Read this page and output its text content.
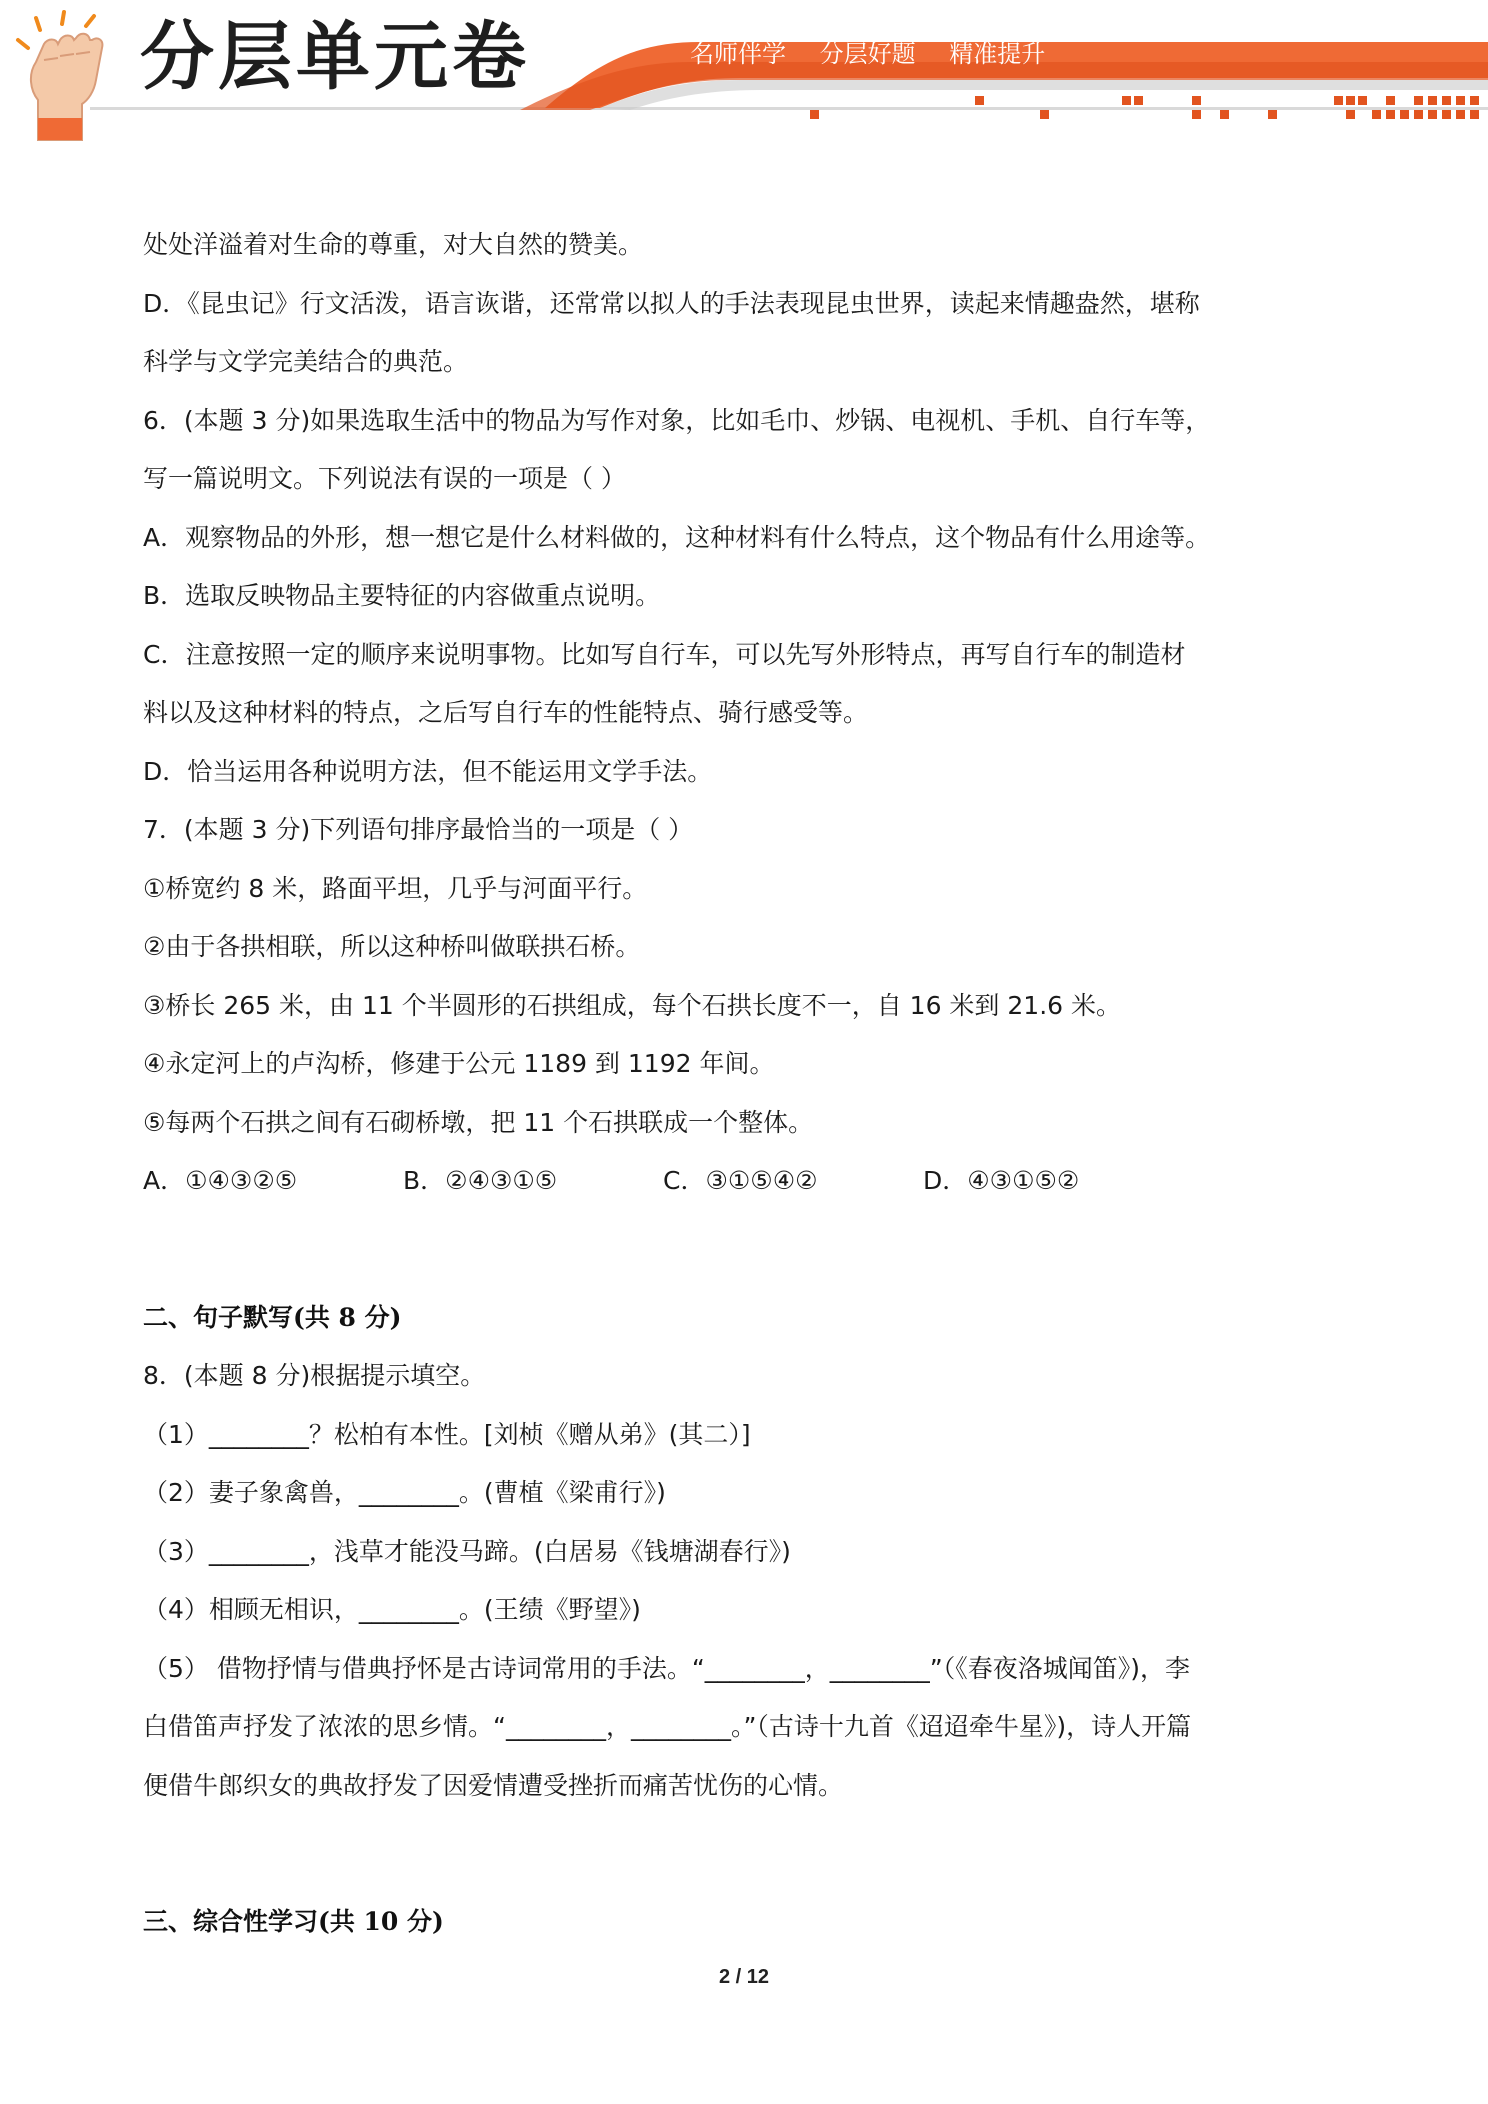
分层单元卷	名师伴学 分层好题 精准提升
处处洋溢着对生命的尊重，对大自然的赞美。
D．《昆虫记》行文活泼，语言诙谐，还常常以拟人的手法表现昆虫世界，读起来情趣盎然，堪称
科学与文学完美结合的典范。
6．(本题 3 分)如果选取生活中的物品为写作对象，比如毛巾、炒锅、电视机、手机、自行车等，
写一篇说明文。下列说法有误的一项是（ ）
A．观察物品的外形，想一想它是什么材料做的，这种材料有什么特点，这个物品有什么用途等。
B．选取反映物品主要特征的内容做重点说明。
C．注意按照一定的顺序来说明事物。比如写自行车，可以先写外形特点，再写自行车的制造材
料以及这种材料的特点，之后写自行车的性能特点、骑行感受等。
D．恰当运用各种说明方法，但不能运用文学手法。
7．(本题 3 分)下列语句排序最恰当的一项是（ ）
①桥宽约 8 米，路面平坦，几乎与河面平行。
②由于各拱相联，所以这种桥叫做联拱石桥。
③桥长 265 米，由 11 个半圆形的石拱组成，每个石拱长度不一，自 16 米到 21.6 米。
④永定河上的卢沟桥，修建于公元 1189 到 1192 年间。
⑤每两个石拱之间有石砌桥墩，把 11 个石拱联成一个整体。
A．①④③②⑤	B．②④③①⑤	C．③①⑤④②	D．④③①⑤②
二、句子默写(共 8 分)
8．(本题 8 分)根据提示填空。
（1）________？松柏有本性。[刘桢《赠从弟》(其二）]
（2）妻子象禽兽，________。(曹植《梁甫行》)
（3）________，浅草才能没马蹄。(白居易《钱塘湖春行》)
（4）相顾无相识，________。(王绩《野望》)
（5） 借物抒情与借典抒怀是古诗词常用的手法。“________，________”（《春夜洛城闻笛》)，李
白借笛声抒发了浓浓的思乡情。“________，________。”（古诗十九首《迢迢牵牛星》)，诗人开篇
便借牛郎织女的典故抒发了因爱情遭受挫折而痛苦忧伤的心情。
三、综合性学习(共 10 分)
2 / 12
